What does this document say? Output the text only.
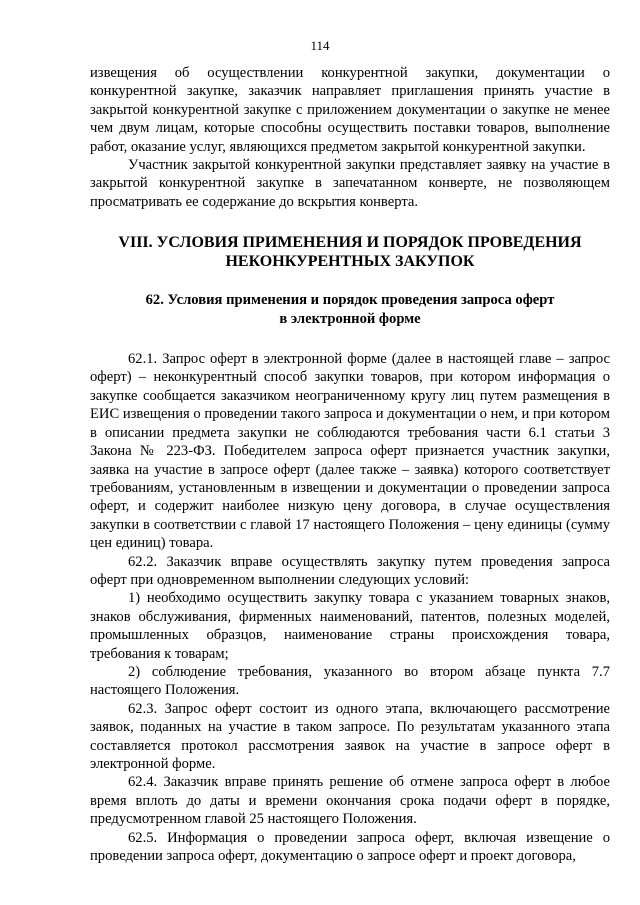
114

извещения об осуществлении конкурентной закупки, документации о конкурентной закупке, заказчик направляет приглашения принять участие в закрытой конкурентной закупке с приложением документации о закупке не менее чем двум лицам, которые способны осуществить поставки товаров, выполнение работ, оказание услуг, являющихся предметом закрытой конкурентной закупки.

Участник закрытой конкурентной закупки представляет заявку на участие в закрытой конкурентной закупке в запечатанном конверте, не позволяющем просматривать ее содержание до вскрытия конверта.

VIII. УСЛОВИЯ ПРИМЕНЕНИЯ И ПОРЯДОК ПРОВЕДЕНИЯ
НЕКОНКУРЕНТНЫХ ЗАКУПОК

62. Условия применения и порядок проведения запроса оферт
в электронной форме

62.1. Запрос оферт в электронной форме (далее в настоящей главе – запрос оферт) – неконкурентный способ закупки товаров, при котором информация о закупке сообщается заказчиком неограниченному кругу лиц путем размещения в ЕИС извещения о проведении такого запроса и документации о нем, и при котором в описании предмета закупки не соблюдаются требования части 6.1 статьи 3 Закона № 223-ФЗ. Победителем запроса оферт признается участник закупки, заявка на участие в запросе оферт (далее также – заявка) которого соответствует требованиям, установленным в извещении и документации о проведении запроса оферт, и содержит наиболее низкую цену договора, в случае осуществления закупки в соответствии с главой 17 настоящего Положения – цену единицы (сумму цен единиц) товара.

62.2. Заказчик вправе осуществлять закупку путем проведения запроса оферт при одновременном выполнении следующих условий:

1) необходимо осуществить закупку товара с указанием товарных знаков, знаков обслуживания, фирменных наименований, патентов, полезных моделей, промышленных образцов, наименование страны происхождения товара, требования к товарам;

2) соблюдение требования, указанного во втором абзаце пункта 7.7 настоящего Положения.

62.3. Запрос оферт состоит из одного этапа, включающего рассмотрение заявок, поданных на участие в таком запросе. По результатам указанного этапа составляется протокол рассмотрения заявок на участие в запросе оферт в электронной форме.

62.4. Заказчик вправе принять решение об отмене запроса оферт в любое время вплоть до даты и времени окончания срока подачи оферт в порядке, предусмотренном главой 25 настоящего Положения.

62.5. Информация о проведении запроса оферт, включая извещение о проведении запроса оферт, документацию о запросе оферт и проект договора,
